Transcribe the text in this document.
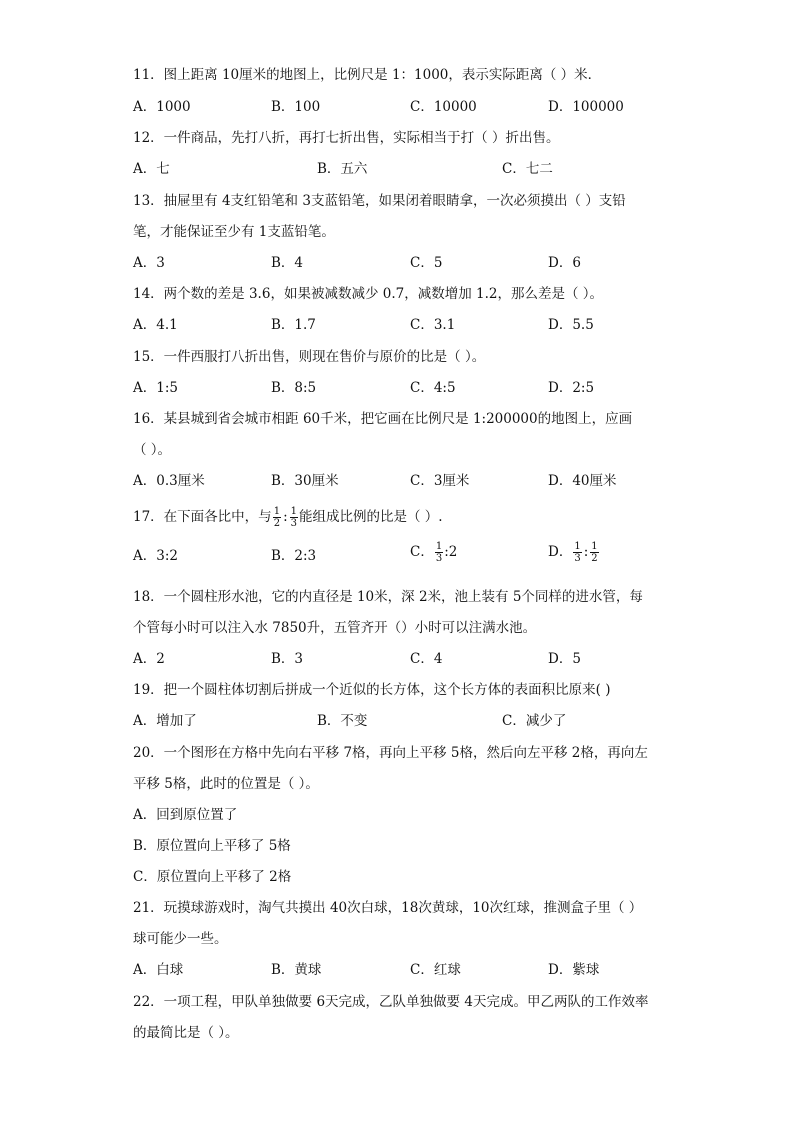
11．图上距离 10厘米的地图上，比例尺是 1：1000，表示实际距离（ ）米．
A．1000	B．100	C．10000	D．100000
12．一件商品，先打八折，再打七折出售，实际相当于打（ ）折出售。
A．七	B．五六	C．七二
13．抽屉里有 4支红铅笔和 3支蓝铅笔，如果闭着眼睛拿，一次必须摸出（ ）支铅
笔，才能保证至少有 1支蓝铅笔。
A．3	B．4	C．5	D．6
14．两个数的差是 3.6，如果被减数减少 0.7，减数增加 1.2，那么差是（ ）。
A．4.1	B．1.7	C．3.1	D．5.5
15．一件西服打八折出售，则现在售价与原价的比是（ ）。
A．1:5	B．8:5	C．4:5	D．2:5
16．某县城到省会城市相距 60千米，把它画在比例尺是 1:200000的地图上，应画
（ ）。
A．0.3厘米	B．30厘米	C．3厘米	D．40厘米
17．在下面各比中，与 $\frac{1}{2}$ : $\frac{1}{3}$ 能组成比例的比是（ ）.
A．3:2	B．2:3	C． $\frac{1}{3}$ :2	D． $\frac{1}{3}$ : $\frac{1}{2}$
18．一个圆柱形水池，它的内直径是 10米，深 2米，池上装有 5个同样的进水管，每
个管每小时可以注入水 7850升，五管齐开（）小时可以注满水池。
A．2	B．3	C．4	D．5
19．把一个圆柱体切割后拼成一个近似的长方体，这个长方体的表面积比原来( )
A．增加了	B．不变	C．减少了
20．一个图形在方格中先向右平移 7格，再向上平移 5格，然后向左平移 2格，再向左
平移 5格，此时的位置是（ ）。
A．回到原位置了
B．原位置向上平移了 5格
C．原位置向上平移了 2格
21．玩摸球游戏时，淘气共摸出 40次白球，18次黄球，10次红球，推测盒子里（ ）
球可能少一些。
A．白球	B．黄球	C．红球	D．紫球
22．一项工程，甲队单独做要 6天完成，乙队单独做要 4天完成。甲乙两队的工作效率
的最简比是（ ）。
